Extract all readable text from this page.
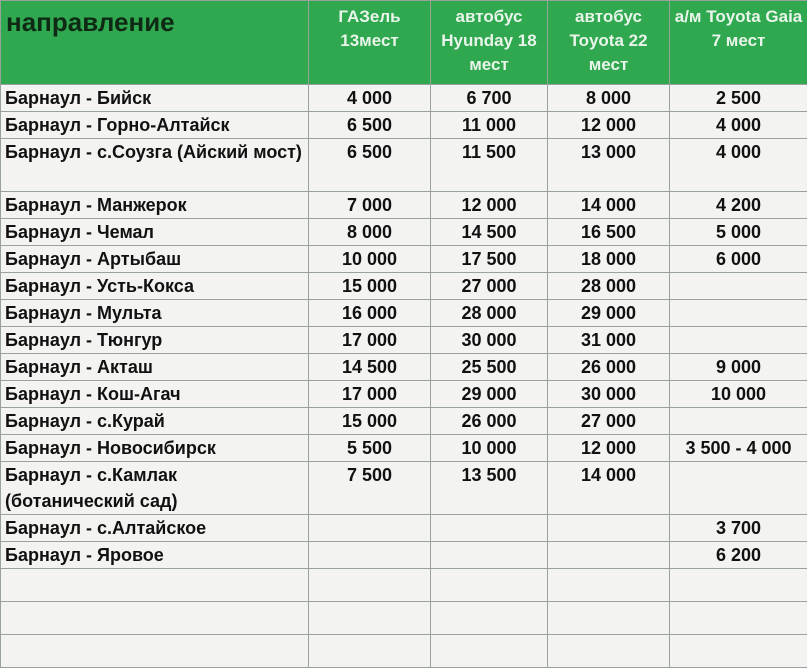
направление	ГАЗель 13мест	автобус Hyunday 18 мест	автобус Toyota 22 мест	а/м Toyota Gaia 7 мест
Барнаул - Бийск	4 000	6 700	8 000	2 500
Барнаул - Горно-Алтайск	6 500	11 000	12 000	4 000
Барнаул - с.Соузга (Айский мост)	6 500	11 500	13 000	4 000
Барнаул - Манжерок	7 000	12 000	14 000	4 200
Барнаул - Чемал	8 000	14 500	16 500	5 000
Барнаул - Артыбаш	10 000	17 500	18 000	6 000
Барнаул - Усть-Кокса	15 000	27 000	28 000	
Барнаул - Мульта	16 000	28 000	29 000	
Барнаул - Тюнгур	17 000	30 000	31 000	
Барнаул - Акташ	14 500	25 500	26 000	9 000
Барнаул - Кош-Агач	17 000	29 000	30 000	10 000
Барнаул - с.Курай	15 000	26 000	27 000	
Барнаул - Новосибирск	5 500	10 000	12 000	3 500 - 4 000
Барнаул - с.Камлак (ботанический сад)	7 500	13 500	14 000	
Барнаул - с.Алтайское				3 700
Барнаул - Яровое				6 200
